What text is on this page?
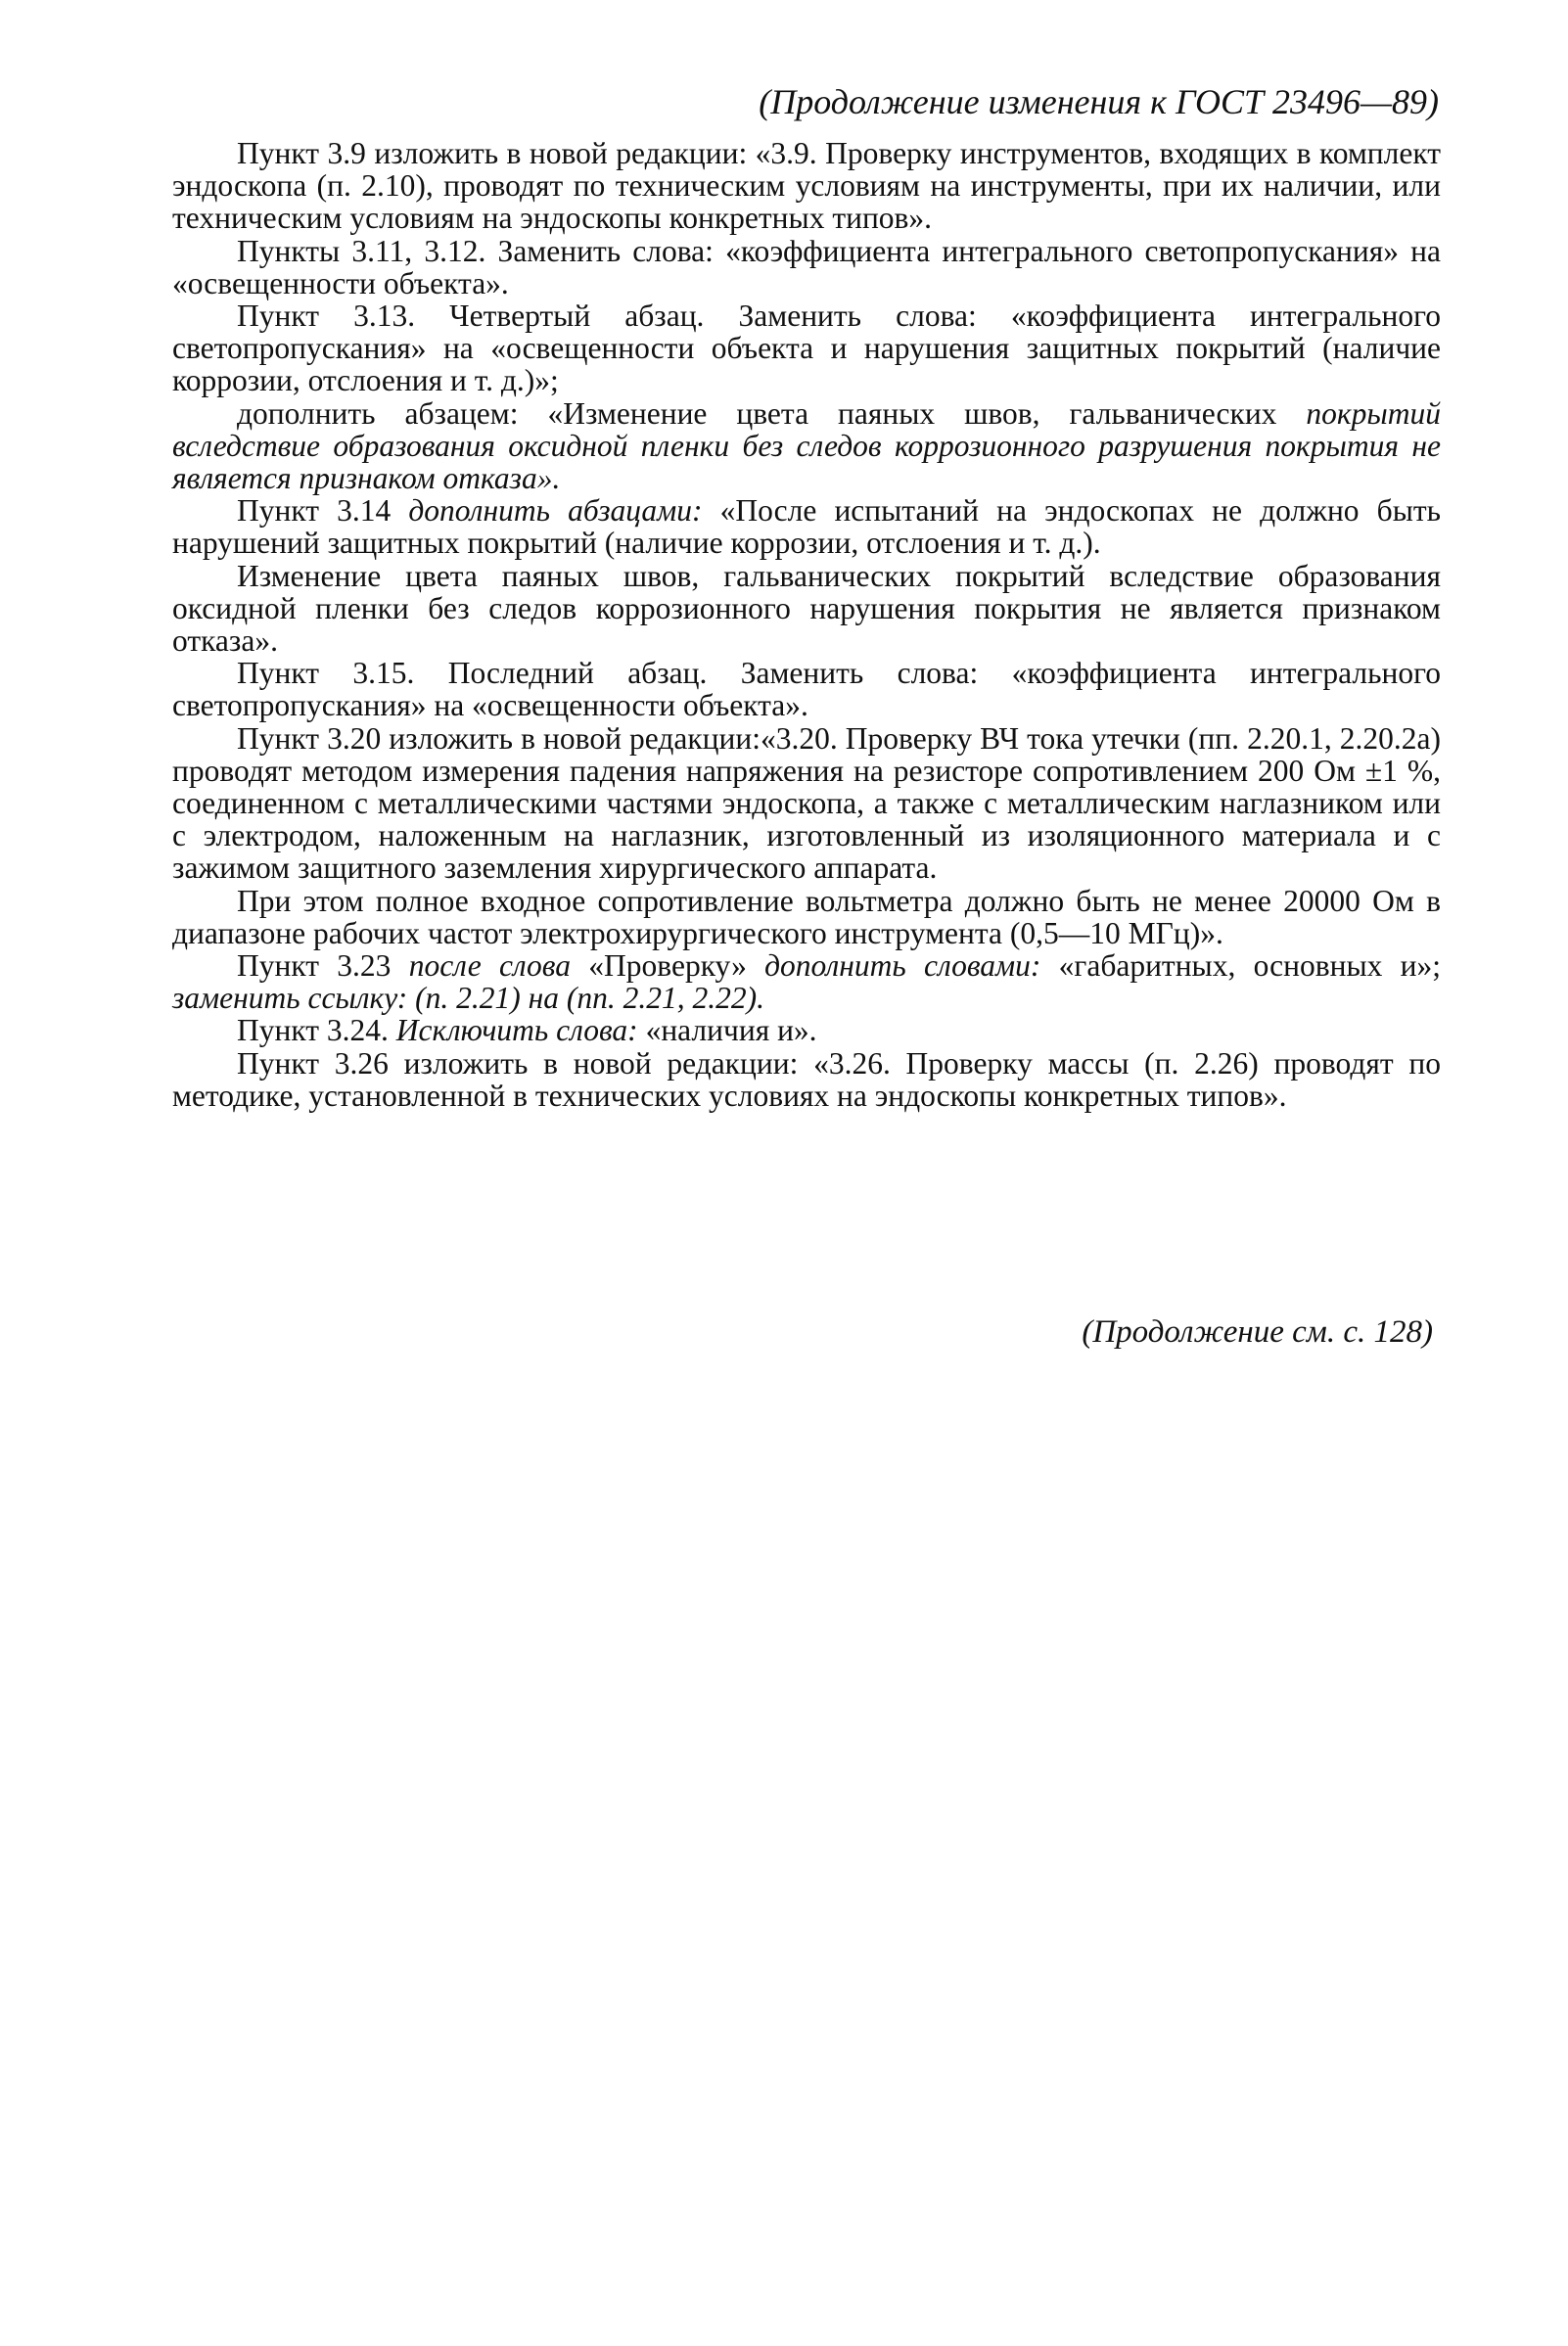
(Продолжение изменения к ГОСТ 23496—89)

Пункт 3.9 изложить в новой редакции: «3.9. Проверку инструментов, входящих в комплект эндоскопа (п. 2.10), проводят по техническим условиям на инструменты, при их наличии, или техническим условиям на эндоскопы конкретных типов».

Пункты 3.11, 3.12. Заменить слова: «коэффициента интегрального светопропускания» на «освещенности объекта».

Пункт 3.13. Четвертый абзац. Заменить слова: «коэффициента интегрального светопропускания» на «освещенности объекта и нарушения защитных покрытий (наличие коррозии, отслоения и т. д.)»;

дополнить абзацем: «Изменение цвета паяных швов, гальванических покрытий вследствие образования оксидной пленки без следов коррозионного разрушения покрытия не является признаком отказа».

Пункт 3.14 дополнить абзацами: «После испытаний на эндоскопах не должно быть нарушений защитных покрытий (наличие коррозии, отслоения и т. д.).

Изменение цвета паяных швов, гальванических покрытий вследствие образования оксидной пленки без следов коррозионного нарушения покрытия не является признаком отказа».

Пункт 3.15. Последний абзац. Заменить слова: «коэффициента интегрального светопропускания» на «освещенности объекта».

Пункт 3.20 изложить в новой редакции:«3.20. Проверку ВЧ тока утечки (пп. 2.20.1, 2.20.2а) проводят методом измерения падения напряжения на резисторе сопротивлением 200 Ом ±1 %, соединенном с металлическими частями эндоскопа, а также с металлическим наглазником или с электродом, наложенным на наглазник, изготовленный из изоляционного материала и с зажимом защитного заземления хирургического аппарата.

При этом полное входное сопротивление вольтметра должно быть не менее 20000 Ом в диапазоне рабочих частот электрохирургического инструмента (0,5—10 МГц)».

Пункт 3.23 после слова «Проверку» дополнить словами: «габаритных, основных и»; заменить ссылку: (п. 2.21) на (пп. 2.21, 2.22).

Пункт 3.24. Исключить слова: «наличия и».

Пункт 3.26 изложить в новой редакции: «3.26. Проверку массы (п. 2.26) проводят по методике, установленной в технических условиях на эндоскопы конкретных типов».

(Продолжение см. с. 128)
